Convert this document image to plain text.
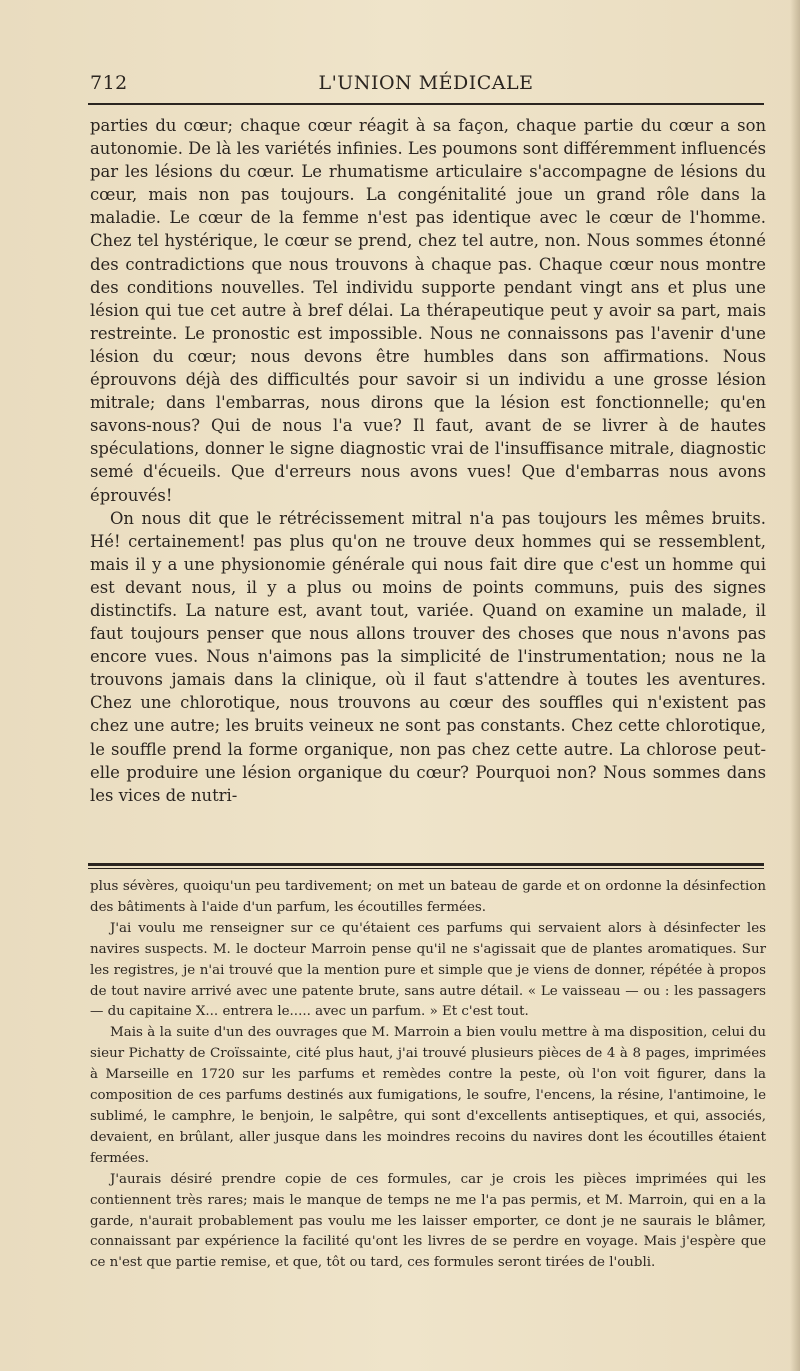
712	L'UNION MÉDICALE

parties du cœur; chaque cœur réagit à sa façon, chaque partie du cœur a son autonomie. De là les variétés infinies. Les poumons sont différemment influencés par les lésions du cœur. Le rhumatisme articulaire s'accompagne de lésions du cœur, mais non pas toujours. La congénitalité joue un grand rôle dans la maladie. Le cœur de la femme n'est pas identique avec le cœur de l'homme. Chez tel hystérique, le cœur se prend, chez tel autre, non. Nous sommes étonné des contradictions que nous trouvons à chaque pas. Chaque cœur nous montre des conditions nouvelles. Tel individu supporte pendant vingt ans et plus une lésion qui tue cet autre à bref délai. La thérapeutique peut y avoir sa part, mais restreinte. Le pronostic est impossible. Nous ne connaissons pas l'avenir d'une lésion du cœur; nous devons être humbles dans son affirmations. Nous éprouvons déjà des difficultés pour savoir si un individu a une grosse lésion mitrale; dans l'embarras, nous dirons que la lésion est fonctionnelle; qu'en savons-nous? Qui de nous l'a vue? Il faut, avant de se livrer à de hautes spéculations, donner le signe diagnostic vrai de l'insuffisance mitrale, diagnostic semé d'écueils. Que d'erreurs nous avons vues! Que d'embarras nous avons éprouvés!

On nous dit que le rétrécissement mitral n'a pas toujours les mêmes bruits. Hé! certainement! pas plus qu'on ne trouve deux hommes qui se ressemblent, mais il y a une physionomie générale qui nous fait dire que c'est un homme qui est devant nous, il y a plus ou moins de points communs, puis des signes distinctifs. La nature est, avant tout, variée. Quand on examine un malade, il faut toujours penser que nous allons trouver des choses que nous n'avons pas encore vues. Nous n'aimons pas la simplicité de l'instrumentation; nous ne la trouvons jamais dans la clinique, où il faut s'attendre à toutes les aventures. Chez une chlorotique, nous trouvons au cœur des souffles qui n'existent pas chez une autre; les bruits veineux ne sont pas constants. Chez cette chlorotique, le souffle prend la forme organique, non pas chez cette autre. La chlorose peut-elle produire une lésion organique du cœur? Pourquoi non? Nous sommes dans les vices de nutri-

plus sévères, quoiqu'un peu tardivement; on met un bateau de garde et on ordonne la désinfection des bâtiments à l'aide d'un parfum, les écoutilles fermées.

J'ai voulu me renseigner sur ce qu'étaient ces parfums qui servaient alors à désinfecter les navires suspects. M. le docteur Marroin pense qu'il ne s'agissait que de plantes aromatiques. Sur les registres, je n'ai trouvé que la mention pure et simple que je viens de donner, répétée à propos de tout navire arrivé avec une patente brute, sans autre détail. « Le vaisseau — ou : les passagers — du capitaine X... entrera le..... avec un parfum. » Et c'est tout.

Mais à la suite d'un des ouvrages que M. Marroin a bien voulu mettre à ma disposition, celui du sieur Pichatty de Croïssainte, cité plus haut, j'ai trouvé plusieurs pièces de 4 à 8 pages, imprimées à Marseille en 1720 sur les parfums et remèdes contre la peste, où l'on voit figurer, dans la composition de ces parfums destinés aux fumigations, le soufre, l'encens, la résine, l'antimoine, le sublimé, le camphre, le benjoin, le salpêtre, qui sont d'excellents antiseptiques, et qui, associés, devaient, en brûlant, aller jusque dans les moindres recoins du navires dont les écoutilles étaient fermées.

J'aurais désiré prendre copie de ces formules, car je crois les pièces imprimées qui les contiennent très rares; mais le manque de temps ne me l'a pas permis, et M. Marroin, qui en a la garde, n'aurait probablement pas voulu me les laisser emporter, ce dont je ne saurais le blâmer, connaissant par expérience la facilité qu'ont les livres de se perdre en voyage. Mais j'espère que ce n'est que partie remise, et que, tôt ou tard, ces formules seront tirées de l'oubli.
